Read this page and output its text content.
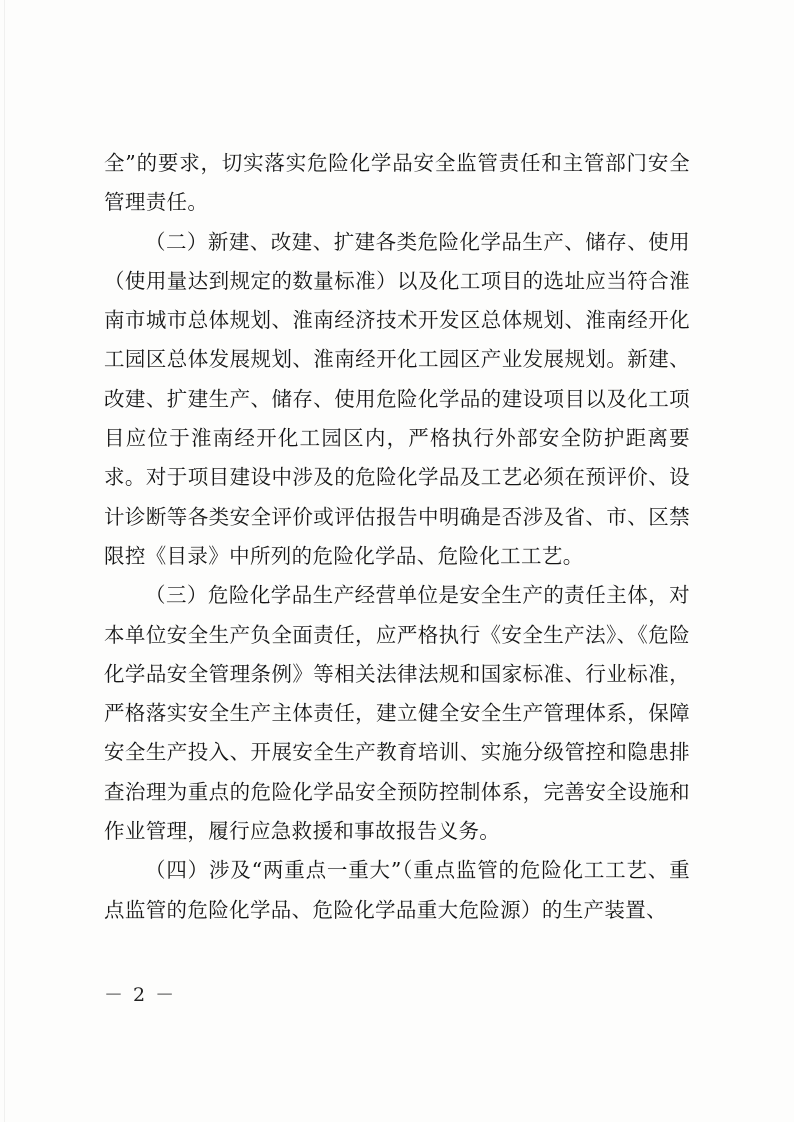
全”的要求，切实落实危险化学品安全监管责任和主管部门安全管理责任。

（二）新建、改建、扩建各类危险化学品生产、储存、使用（使用量达到规定的数量标准）以及化工项目的选址应当符合淮南市城市总体规划、淮南经济技术开发区总体规划、淮南经开化工园区总体发展规划、淮南经开化工园区产业发展规划。新建、改建、扩建生产、储存、使用危险化学品的建设项目以及化工项目应位于淮南经开化工园区内，严格执行外部安全防护距离要求。对于项目建设中涉及的危险化学品及工艺必须在预评价、设计诊断等各类安全评价或评估报告中明确是否涉及省、市、区禁限控《目录》中所列的危险化学品、危险化工工艺。

（三）危险化学品生产经营单位是安全生产的责任主体，对本单位安全生产负全面责任，应严格执行《安全生产法》、《危险化学品安全管理条例》等相关法律法规和国家标准、行业标准，严格落实安全生产主体责任，建立健全安全生产管理体系，保障安全生产投入、开展安全生产教育培训、实施分级管控和隐患排查治理为重点的危险化学品安全预防控制体系，完善安全设施和作业管理，履行应急救援和事故报告义务。

（四）涉及“两重点一重大”（重点监管的危险化工工艺、重点监管的危险化学品、危险化学品重大危险源）的生产装置、

－ 2 －
